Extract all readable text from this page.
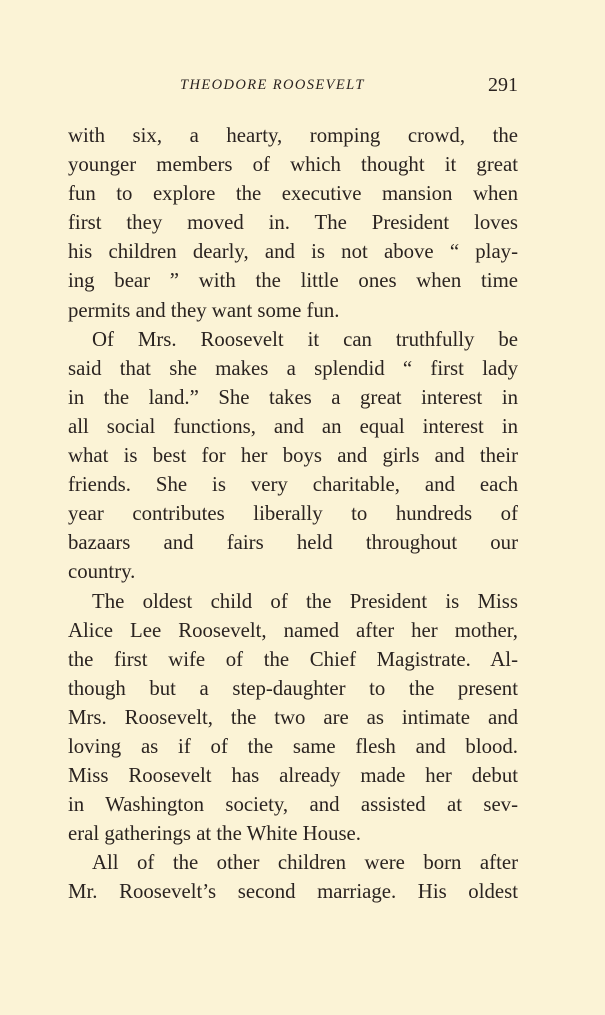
THEODORE ROOSEVELT	291
with six, a hearty, romping crowd, the
younger members of which thought it great
fun to explore the executive mansion when
first they moved in. The President loves
his children dearly, and is not above “ play-
ing bear ” with the little ones when time
permits and they want some fun.
Of Mrs. Roosevelt it can truthfully be
said that she makes a splendid “ first lady
in the land.” She takes a great interest in
all social functions, and an equal interest in
what is best for her boys and girls and their
friends. She is very charitable, and each
year contributes liberally to hundreds of
bazaars and fairs held throughout our
country.
The oldest child of the President is Miss
Alice Lee Roosevelt, named after her mother,
the first wife of the Chief Magistrate. Al-
though but a step-daughter to the present
Mrs. Roosevelt, the two are as intimate and
loving as if of the same flesh and blood.
Miss Roosevelt has already made her debut
in Washington society, and assisted at sev-
eral gatherings at the White House.
All of the other children were born after
Mr. Roosevelt’s second marriage. His oldest
